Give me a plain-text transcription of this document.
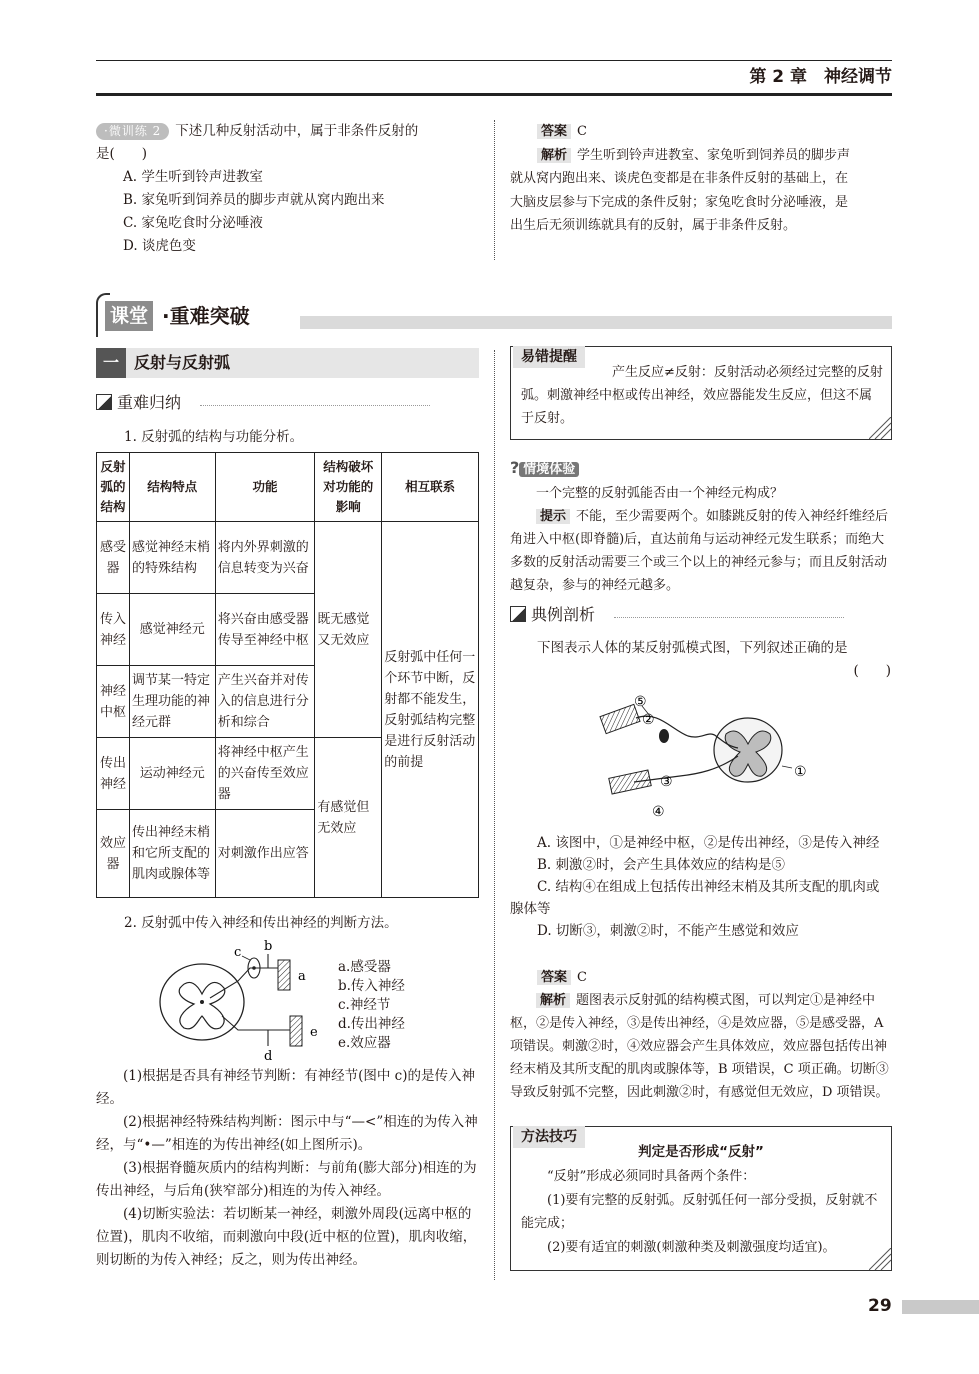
第 2 章　神经调节

·微训练 2 下述几种反射活动中，属于非条件反射的

是(　　)

A. 学生听到铃声进教室

B. 家兔听到饲养员的脚步声就从窝内跑出来

C. 家兔吃食时分泌唾液

D. 谈虎色变

答案 C

解析 学生听到铃声进教室、家兔听到饲养员的脚步声

就从窝内跑出来、谈虎色变都是在非条件反射的基础上，在

大脑皮层参与下完成的条件反射；家兔吃食时分泌唾液，是

出生后无须训练就具有的反射，属于非条件反射。

课堂 ·重难突破
一 反射与反射弧
重难归纳
1. 反射弧的结构与功能分析。
反射弧的结构	结构特点	功能	结构破坏对功能的影响	相互联系
感受器	感觉神经末梢的特殊结构	将内外界刺激的信息转变为兴奋	既无感觉又无效应	反射弧中任何一个环节中断，反射都不能发生，反射弧结构完整是进行反射活动的前提
传入神经	感觉神经元	将兴奋由感受器传导至神经中枢		
神经中枢	调节某一特定生理功能的神经元群	产生兴奋并对传入的信息进行分析和综合		
传出神经	运动神经元	将神经中枢产生的兴奋传至效应器	有感觉但无效应	
效应器	传出神经末梢和它所支配的肌肉或腺体等	对刺激作出应答		
2. 反射弧中传入神经和传出神经的判断方法。
a
b
c
d
e

a.感受器

b.传入神经

c.神经节

d.传出神经

e.效应器

(1)根据是否具有神经节判断：有神经节(图中 c)的是传入神经。

(2)根据神经特殊结构判断：图示中与“—<”相连的为传入神经，与“•—”相连的为传出神经(如上图所示)。

(3)根据脊髓灰质内的结构判断：与前角(膨大部分)相连的为传出神经，与后角(狭窄部分)相连的为传入神经。

(4)切断实验法：若切断某一神经，刺激外周段(远离中枢的位置)，肌肉不收缩，而刺激向中段(近中枢的位置)，肌肉收缩，则切断的为传入神经；反之，则为传出神经。

易错提醒
产生反应≠反射：反射活动必须经过完整的反射弧。刺激神经中枢或传出神经，效应器能发生反应，但这不属于反射。
? 情境体验

一个完整的反射弧能否由一个神经元构成？

提示 不能，至少需要两个。如膝跳反射的传入神经纤维经后角进入中枢(即脊髓)后，直达前角与运动神经元发生联系；而绝大多数的反射活动需要三个或三个以上的神经元参与；而且反射活动越复杂，参与的神经元越多。

典例剖析

下图表示人体的某反射弧模式图，下列叙述正确的是

(　　)

⑤
②
①
③
④

A. 该图中，①是神经中枢，②是传出神经，③是传入神经

B. 刺激②时，会产生具体效应的结构是⑤

C. 结构④在组成上包括传出神经末梢及其所支配的肌肉或腺体等

D. 切断③，刺激②时，不能产生感觉和效应

答案 C

解析 题图表示反射弧的结构模式图，可以判定①是神经中枢，②是传入神经，③是传出神经，④是效应器，⑤是感受器，A 项错误。刺激②时，④效应器会产生具体效应，效应器包括传出神经末梢及其所支配的肌肉或腺体等，B 项错误，C 项正确。切断③导致反射弧不完整，因此刺激②时，有感觉但无效应，D 项错误。

方法技巧
判定是否形成“反射”

“反射”形成必须同时具备两个条件：

(1)要有完整的反射弧。反射弧任何一部分受损，反射就不能完成；

(2)要有适宜的刺激(刺激种类及刺激强度均适宜)。

29
